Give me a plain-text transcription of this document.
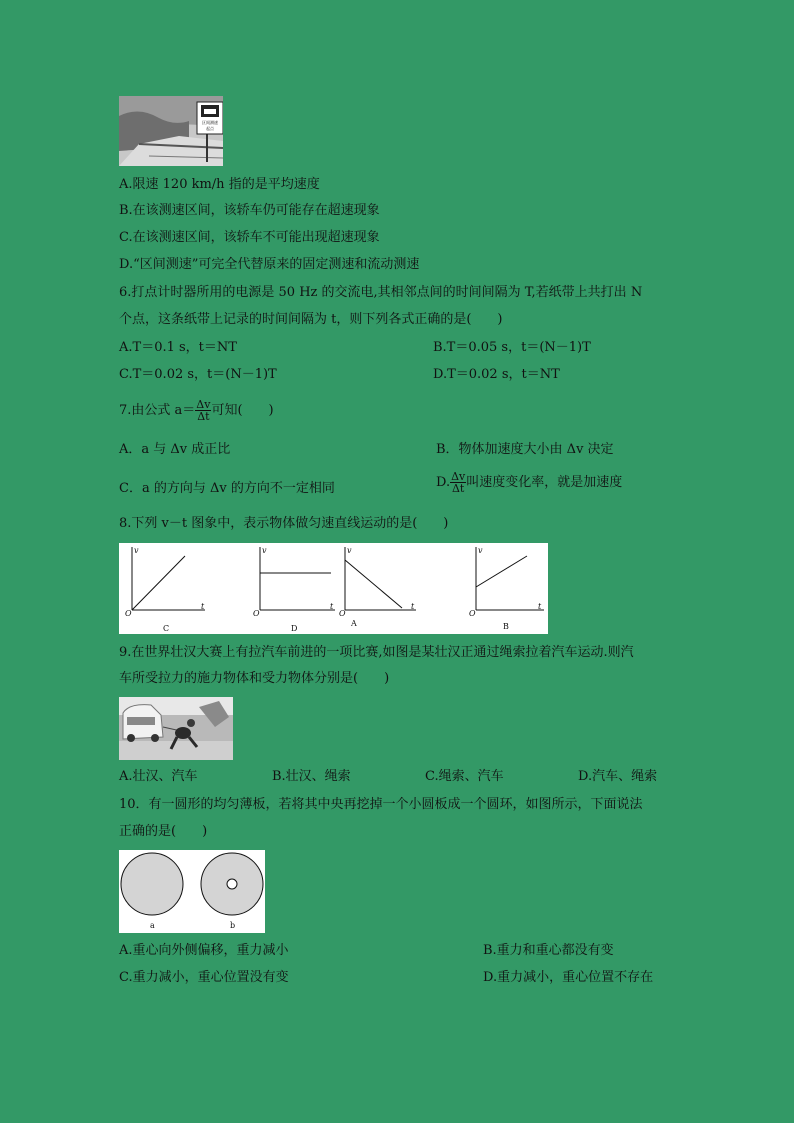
区间测速
起点
A.限速 120 km/h 指的是平均速度
B.在该测速区间，该轿车仍可能存在超速现象
C.在该测速区间，该轿车不可能出现超速现象
D.“区间测速”可完全代替原来的固定测速和流动测速
6.打点计时器所用的电源是 50 Hz 的交流电,其相邻点间的时间间隔为 T,若纸带上共打出 N
个点，这条纸带上记录的时间间隔为 t，则下列各式正确的是(　　)
A.T＝0.1 s，t＝NT	B.T＝0.05 s，t＝(N－1)T
C.T＝0.02 s，t＝(N－1)T	D.T＝0.02 s，t＝NT
7.由公式 $a= \frac{\Delta v}{\Delta t}$ 可知(　　)
A．a 与 Δv 成正比	B．物体加速度大小由 Δv 决定
C．a 的方向与 Δv 的方向不一定相同	D. $\frac{\Delta v}{\Delta t}$ 叫速度变化率，就是加速度
8.下列 v－t 图象中，表示物体做匀速直线运动的是(　　)
v
t
O
C
v
t
O
D
v
t
O
A
v
t
O
B
9.在世界壮汉大赛上有拉汽车前进的一项比赛,如图是某壮汉正通过绳索拉着汽车运动.则汽
车所受拉力的施力物体和受力物体分别是(　　)
A.壮汉、汽车	B.壮汉、绳索	C.绳索、汽车	D.汽车、绳索
10．有一圆形的均匀薄板，若将其中央再挖掉一个小圆板成一个圆环，如图所示，下面说法
正确的是(　　)
a	b
A.重心向外侧偏移，重力减小	B.重力和重心都没有变
C.重力减小，重心位置没有变	D.重力减小，重心位置不存在
